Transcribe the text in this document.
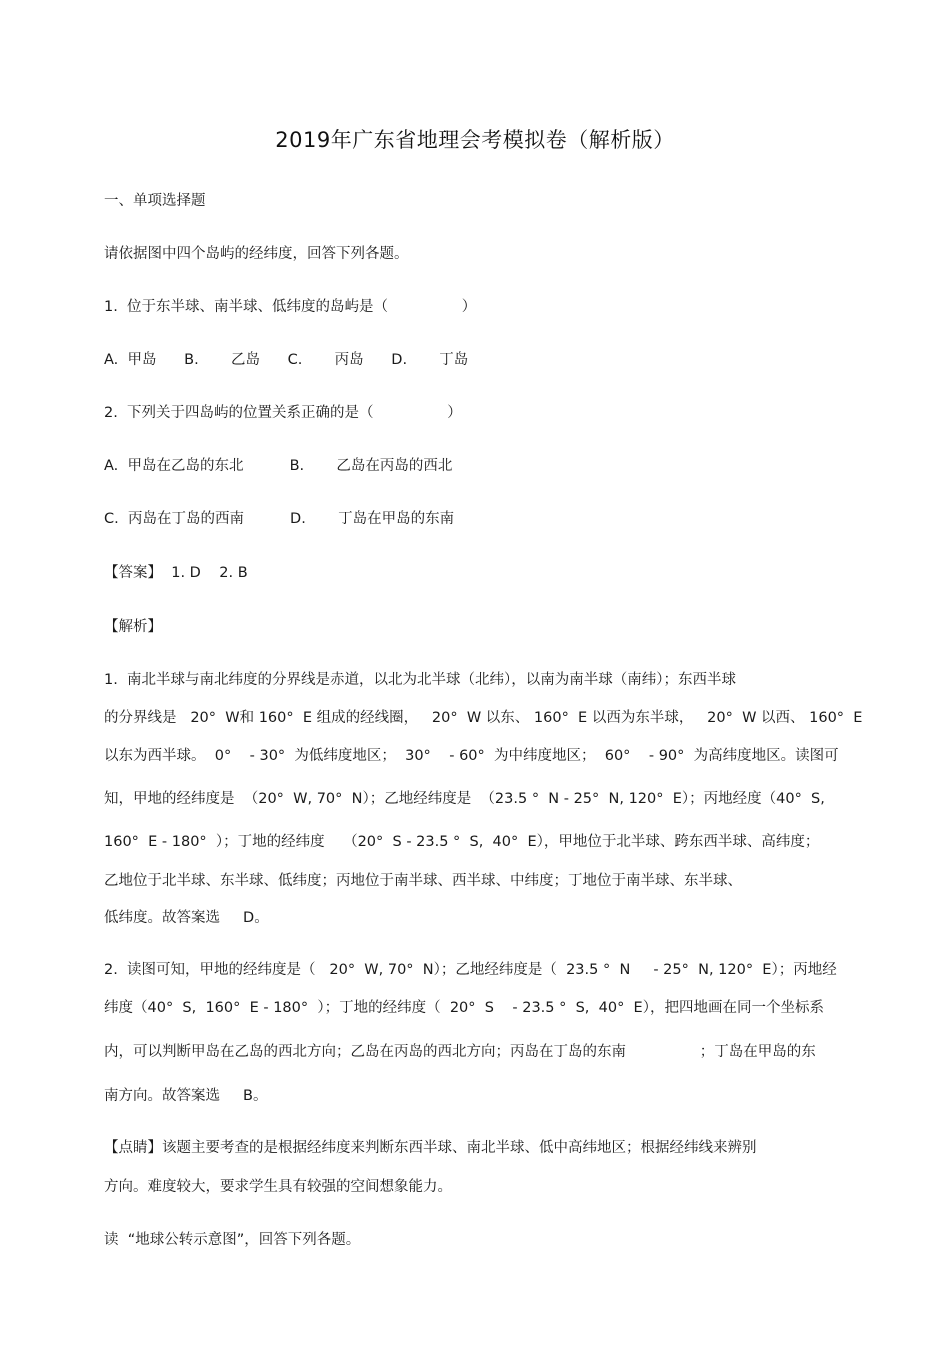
2019年广东省地理会考模拟卷（解析版）
一、单项选择题
请依据图中四个岛屿的经纬度，回答下列各题。
1.  位于东半球、南半球、低纬度的岛屿是（                ）
A.  甲岛      B.       乙岛      C.       丙岛      D.       丁岛
2.  下列关于四岛屿的位置关系正确的是（                ）
A.  甲岛在乙岛的东北          B.       乙岛在丙岛的西北
C.  丙岛在丁岛的西南          D.       丁岛在甲岛的东南
【答案】  1. D    2. B
【解析】
1.  南北半球与南北纬度的分界线是赤道，以北为北半球（北纬），以南为南半球（南纬）；东西半球
的分界线是   20°  W和 160°  E 组成的经线圈，   20°  W 以东、 160°  E 以西为东半球，   20°  W 以西、 160°  E
以东为西半球。  0°    - 30°  为低纬度地区；  30°    - 60°  为中纬度地区；  60°    - 90°  为高纬度地区。读图可
知，甲地的经纬度是  （20°  W, 70°  N）；乙地经纬度是  （23.5 °  N - 25°  N, 120°  E）；丙地经度（40°  S,
160°  E - 180°  ）；丁地的经纬度    （20°  S - 23.5 °  S,  40°  E），甲地位于北半球、跨东西半球、高纬度；
乙地位于北半球、东半球、低纬度；丙地位于南半球、西半球、中纬度；丁地位于南半球、东半球、
低纬度。故答案选     D。
2.  读图可知，甲地的经纬度是（   20°  W, 70°  N）；乙地经纬度是（  23.5 °  N     - 25°  N, 120°  E）；丙地经
纬度（40°  S,  160°  E - 180°  ）；丁地的经纬度（  20°  S    - 23.5 °  S,  40°  E），把四地画在同一个坐标系
内，可以判断甲岛在乙岛的西北方向；乙岛在丙岛的西北方向；丙岛在丁岛的东南                ；丁岛在甲岛的东
南方向。故答案选     B。
【点睛】该题主要考查的是根据经纬度来判断东西半球、南北半球、低中高纬地区；根据经纬线来辨别
方向。难度较大，要求学生具有较强的空间想象能力。
读  “地球公转示意图”，回答下列各题。
